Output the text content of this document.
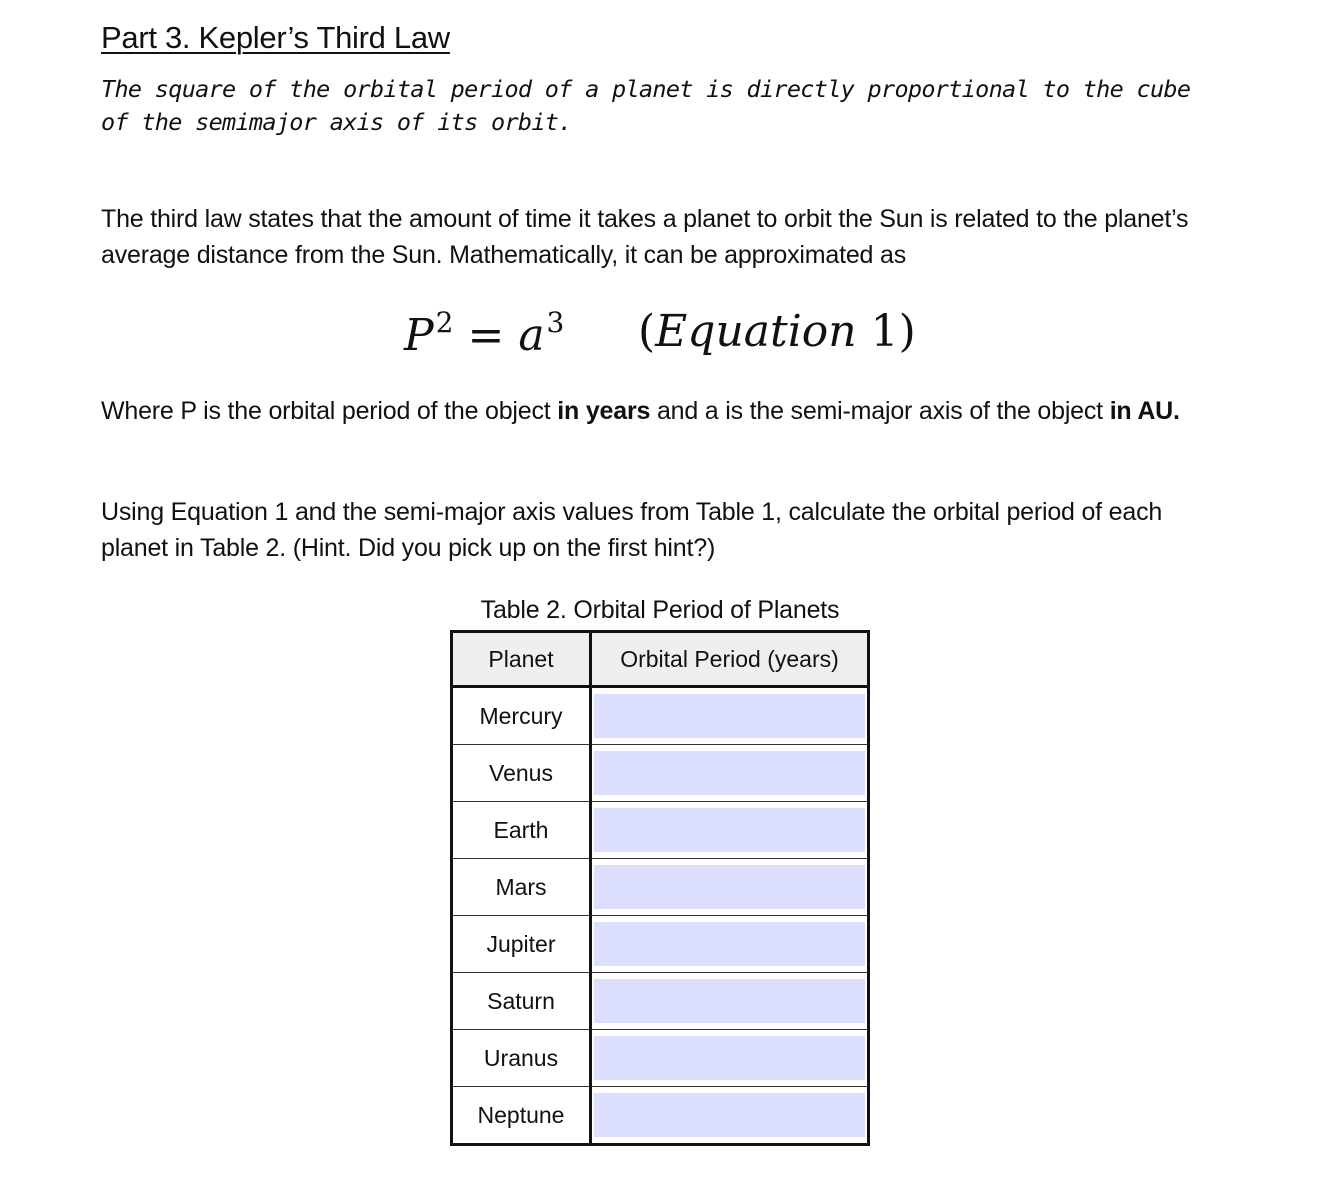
Part 3. Kepler’s Third Law

The square of the orbital period of a planet is directly proportional to the cube of the semimajor axis of its orbit.

The third law states that the amount of time it takes a planet to orbit the Sun is related to the planet’s average distance from the Sun. Mathematically, it can be approximated as

$P^2 = a^3$ (Equation 1)

Where P is the orbital period of the object in years and a is the semi-major axis of the object in AU.

Using Equation 1 and the semi-major axis values from Table 1, calculate the orbital period of each planet in Table 2. (Hint. Did you pick up on the first hint?)

Table 2. Orbital Period of Planets
Planet	Orbital Period (years)
Mercury	

Venus	

Earth	

Mars	

Jupiter	

Saturn	

Uranus	

Neptune	
